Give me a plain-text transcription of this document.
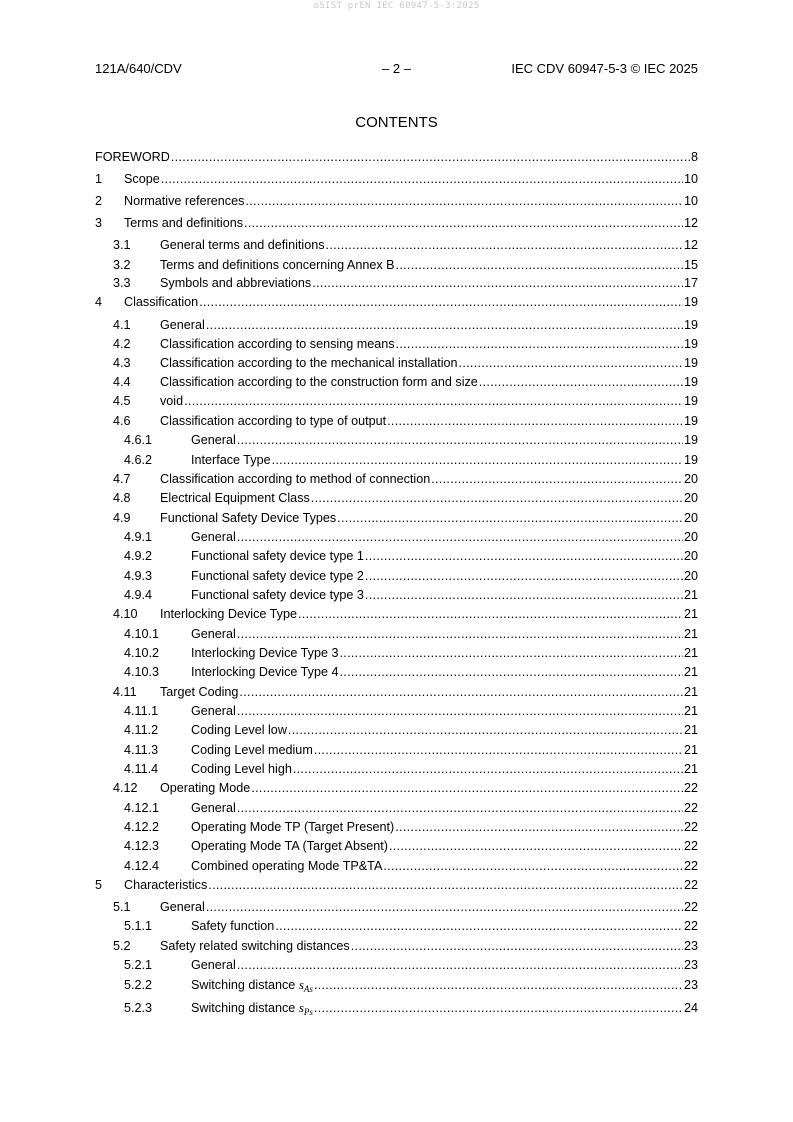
oSIST prEN IEC 60947-5-3:2025
121A/640/CDV	– 2 –	IEC CDV 60947-5-3 © IEC 2025
CONTENTS
FOREWORD .....	8
1	Scope .....	10
2	Normative references .....	10
3	Terms and definitions .....	12
3.1	General terms and definitions .....	12
3.2	Terms and definitions concerning Annex B .....	15
3.3	Symbols and abbreviations .....	17
4	Classification .....	19
4.1	General .....	19
4.2	Classification according to sensing means .....	19
4.3	Classification according to the mechanical installation .....	19
4.4	Classification according to the construction form and size .....	19
4.5	void .....	19
4.6	Classification according to type of output .....	19
4.6.1	General .....	19
4.6.2	Interface Type .....	19
4.7	Classification according to method of connection .....	20
4.8	Electrical Equipment Class .....	20
4.9	Functional Safety Device Types .....	20
4.9.1	General .....	20
4.9.2	Functional safety device type 1 .....	20
4.9.3	Functional safety device type 2 .....	20
4.9.4	Functional safety device type 3 .....	21
4.10	Interlocking Device Type .....	21
4.10.1	General .....	21
4.10.2	Interlocking Device Type 3 .....	21
4.10.3	Interlocking Device Type 4 .....	21
4.11	Target Coding .....	21
4.11.1	General .....	21
4.11.2	Coding Level low .....	21
4.11.3	Coding Level medium .....	21
4.11.4	Coding Level high .....	21
4.12	Operating Mode .....	22
4.12.1	General .....	22
4.12.2	Operating Mode TP (Target Present) .....	22
4.12.3	Operating Mode TA (Target Absent) .....	22
4.12.4	Combined operating Mode TP&TA .....	22
5	Characteristics .....	22
5.1	General .....	22
5.1.1	Safety function .....	22
5.2	Safety related switching distances .....	23
5.2.1	General .....	23
5.2.2	Switching distance $s_{As}$ .....	23
5.2.3	Switching distance $s_{Ps}$ .....	24
